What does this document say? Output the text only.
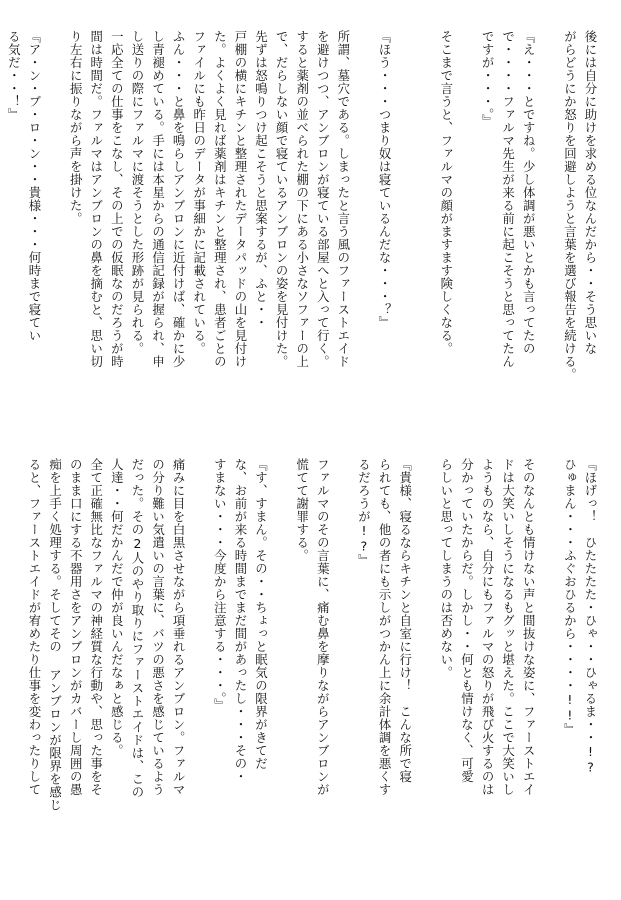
後には自分に助けを求める位なんだから・・そう思いな
がらどうにか怒りを回避しようと言葉を選び報告を続ける。
『え・・・とですね。少し体調が悪いとかも言ってたの
で・・・・ファルマ先生が来る前に起こそうと思ってたん
ですが・・・。』
そこまで言うと、ファルマの顔がますます険しくなる。
『ほう・・・つまり奴は寝ているんだな・・・？』
所謂、墓穴である。しまったと言う風のファーストエイド
を避けつつ、アンブロンが寝ている部屋へと入って行く。
すると薬剤の並べられた棚の下にある小さなソファーの上
で、だらしない顔で寝ているアンブロンの姿を見付けた。
先ずは怒鳴りつけ起こそうと思案するが、ふと・・
戸棚の横にキチンと整理されたデータパッドの山を見付け
た。よくよく見れば薬剤はキチンと整理され、患者ごとの
ファイルにも昨日のデータが事細かに記載されている。
ふん・・・と鼻を鳴らしアンブロンに近付けば、確かに少
し青褪めている。手には本星からの通信記録が握られ、申
し送りの際にファルマに渡そうとした形跡が見られる。
一応全ての仕事をこなし、その上での仮眠なのだろうが時
間は時間だ。ファルマはアンブロンの鼻を摘むと、思い切
り左右に振りながら声を掛けた。
『ア・ン・ブ・ロ・ン・・貴様・・・何時まで寝てい
る気だ・・！』
『ほげっ！　ひたたたた・ひゃ・・ひゃるま・・!?
ひゅまん・・・ふぐおひるから・・・・!!』
そのなんとも情けない声と間抜けな姿に、ファーストエイ
ドは大笑いしそうになるもグッと堪えた。ここで大笑いし
ようものなら、自分にもファルマの怒りが飛び火するのは
分かっていたからだ。しかし・・何とも情けなく、可愛
らしいと思ってしまうのは否めない。
『貴様、寝るならキチンと自室に行け！　こんな所で寝
られても、他の者にも示しがつかん上に余計体調を悪くす
るだろうが!?』
ファルマのその言葉に、痛む鼻を摩りながらアンブロンが
慌てて謝罪する。
『す、すまん。その・・ちょっと眠気の限界がきてだ
な、お前が来る時間までまだ間があったし・・・その・
すまない・・・今度から注意する・・・。』
痛みに目を白黒させながら項垂れるアンブロン。ファルマ
の分り難い気遣いの言葉に、バツの悪さを感じているよう
だった。その2人のやり取りにファーストエイドは、この
人達・・何だかんだで仲が良いんだなぁと感じる。
全て正確無比なファルマの神経質な行動や、思った事をそ
のまま口にする不器用さをアンブロンがカバーし周囲の愚
痴を上手く処理する。そしてその アンブロンが限界を感じ
ると、ファーストエイドが宥めたり仕事を変わったりして
